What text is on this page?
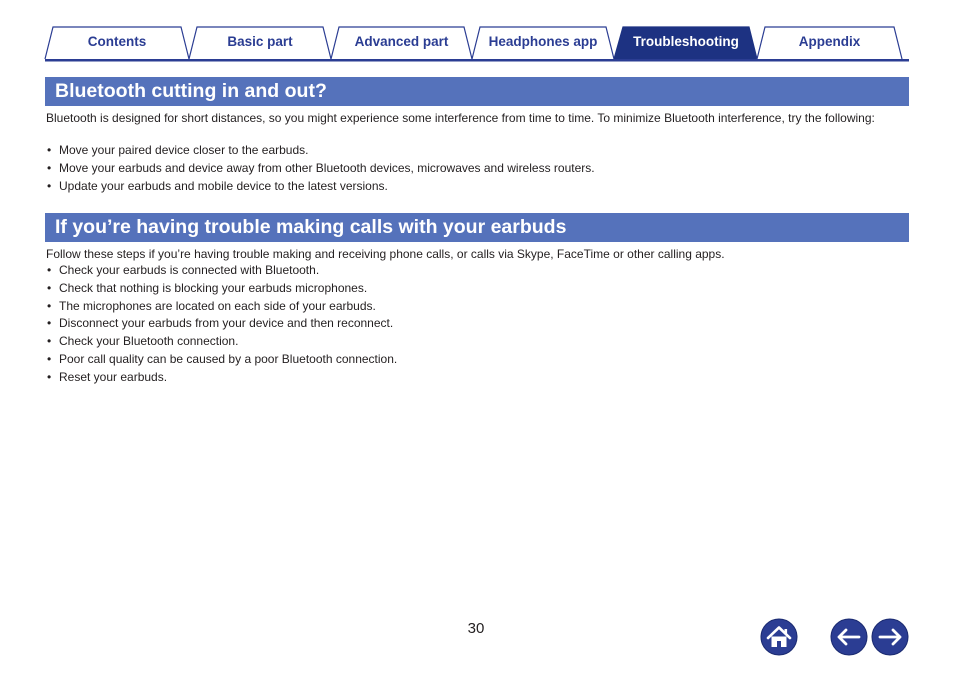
Contents	Basic part	Advanced part	Headphones app	Troubleshooting	Appendix
Bluetooth cutting in and out?

Bluetooth is designed for short distances, so you might experience some interference from time to time. To minimize Bluetooth interference, try the following:

• Move your paired device closer to the earbuds.
• Move your earbuds and device away from other Bluetooth devices, microwaves and wireless routers.
• Update your earbuds and mobile device to the latest versions.
If you’re having trouble making calls with your earbuds

Follow these steps if you’re having trouble making and receiving phone calls, or calls via Skype, FaceTime or other calling apps.

• Check your earbuds is connected with Bluetooth.
• Check that nothing is blocking your earbuds microphones.
• The microphones are located on each side of your earbuds.
• Disconnect your earbuds from your device and then reconnect.
• Check your Bluetooth connection.
• Poor call quality can be caused by a poor Bluetooth connection.
• Reset your earbuds.
30
